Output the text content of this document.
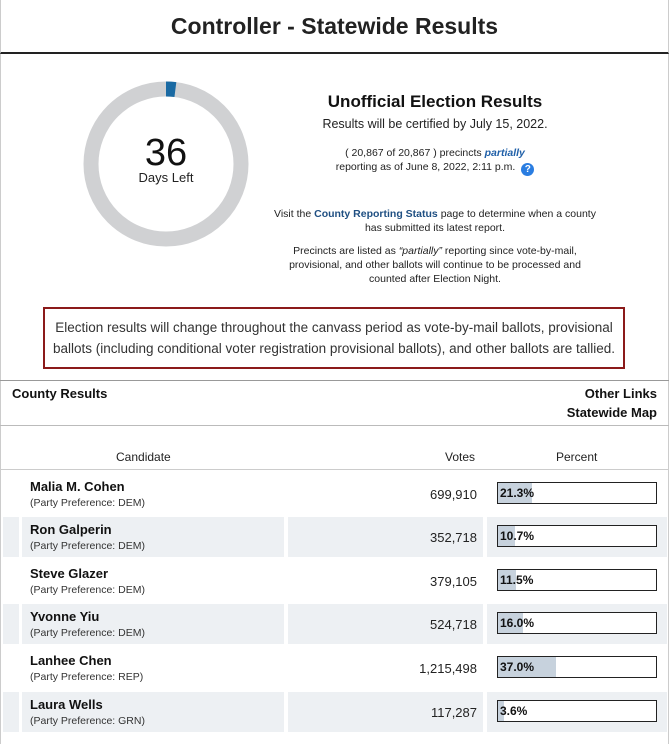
Controller - Statewide Results
36
Days Left
Unofficial Election Results
Results will be certified by July 15, 2022.
( 20,867 of 20,867 ) precincts partially
reporting as of June 8, 2022, 2:11 p.m. ?
Visit the County Reporting Status page to determine when a county has submitted its latest report.
Precincts are listed as “partially” reporting since vote-by-mail, provisional, and other ballots will continue to be processed and counted after Election Night.
Election results will change throughout the canvass period as vote-by-mail ballots, provisional ballots (including conditional voter registration provisional ballots), and other ballots are tallied.
County Results	Other Links
Statewide Map
Candidate	Votes	Percent
Malia M. Cohen
(Party Preference: DEM)
699,910 21.3%
Ron Galperin
(Party Preference: DEM)
352,718 10.7%
Steve Glazer
(Party Preference: DEM)
379,105 11.5%
Yvonne Yiu
(Party Preference: DEM)
524,718 16.0%
Lanhee Chen
(Party Preference: REP)
1,215,498 37.0%
Laura Wells
(Party Preference: GRN)
117,287 3.6%
